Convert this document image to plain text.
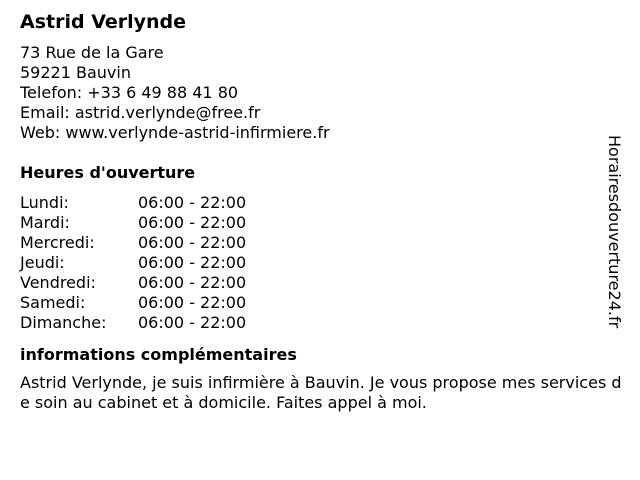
Astrid Verlynde
73 Rue de la Gare
59221 Bauvin
Telefon: +33 6 49 88 41 80
Email: astrid.verlynde@free.fr
Web: www.verlynde-astrid-infirmiere.fr
Heures d'ouverture
Lundi:	06:00 - 22:00
Mardi:	06:00 - 22:00
Mercredi:	06:00 - 22:00
Jeudi:	06:00 - 22:00
Vendredi:	06:00 - 22:00
Samedi:	06:00 - 22:00
Dimanche:	06:00 - 22:00
informations complémentaires
Astrid Verlynde, je suis infirmière à Bauvin. Je vous propose mes services de soin au cabinet et à domicile. Faites appel à moi.
Horairesdouverture24.fr
